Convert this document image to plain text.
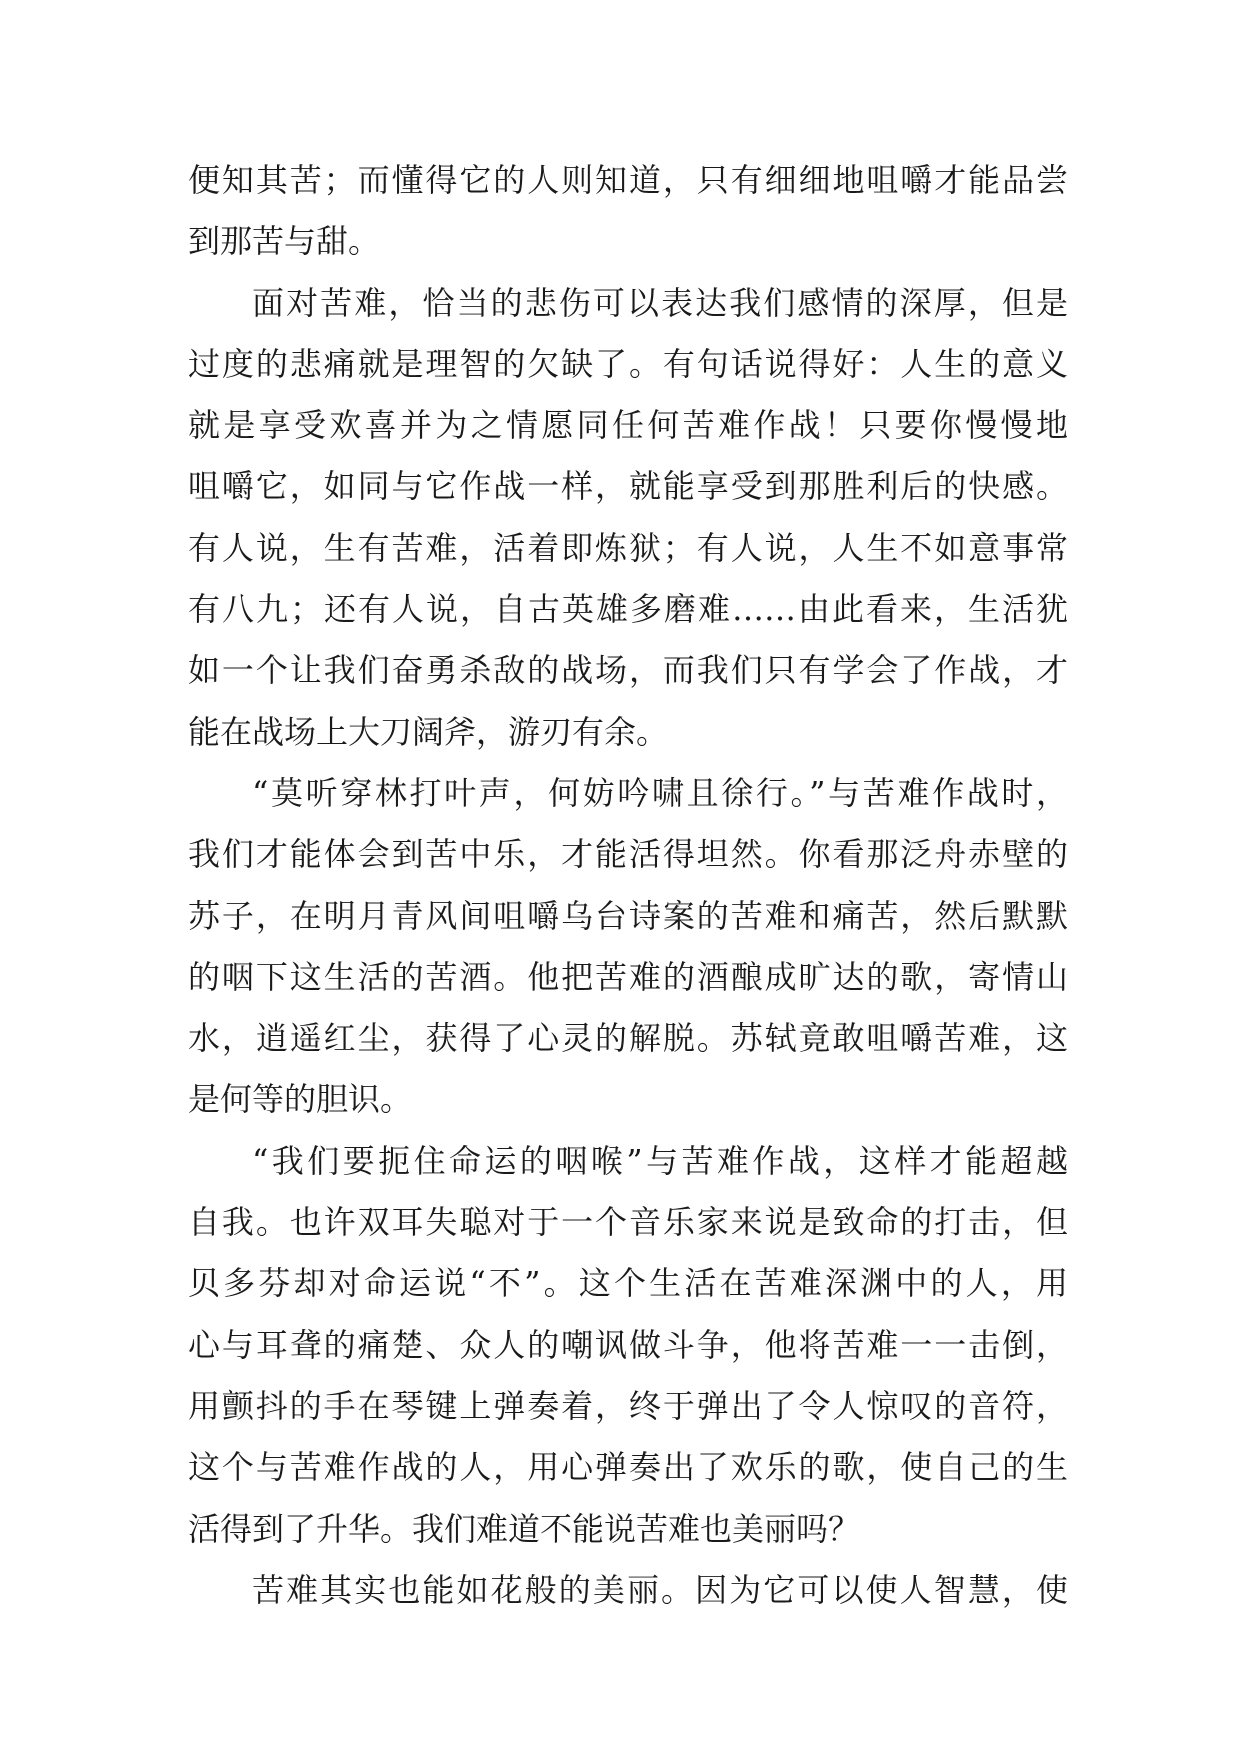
便知其苦；而懂得它的人则知道，只有细细地咀嚼才能品尝
到那苦与甜。
面对苦难，恰当的悲伤可以表达我们感情的深厚，但是
过度的悲痛就是理智的欠缺了。有句话说得好：人生的意义
就是享受欢喜并为之情愿同任何苦难作战！只要你慢慢地
咀嚼它，如同与它作战一样，就能享受到那胜利后的快感。
有人说，生有苦难，活着即炼狱；有人说，人生不如意事常
有八九；还有人说，自古英雄多磨难……由此看来，生活犹
如一个让我们奋勇杀敌的战场，而我们只有学会了作战，才
能在战场上大刀阔斧，游刃有余。
“莫听穿林打叶声，何妨吟啸且徐行。”与苦难作战时，
我们才能体会到苦中乐，才能活得坦然。你看那泛舟赤壁的
苏子，在明月青风间咀嚼乌台诗案的苦难和痛苦，然后默默
的咽下这生活的苦酒。他把苦难的酒酿成旷达的歌，寄情山
水，逍遥红尘，获得了心灵的解脱。苏轼竟敢咀嚼苦难，这
是何等的胆识。
“我们要扼住命运的咽喉”与苦难作战，这样才能超越
自我。也许双耳失聪对于一个音乐家来说是致命的打击，但
贝多芬却对命运说“不”。这个生活在苦难深渊中的人，用
心与耳聋的痛楚、众人的嘲讽做斗争，他将苦难一一击倒，
用颤抖的手在琴键上弹奏着，终于弹出了令人惊叹的音符，
这个与苦难作战的人，用心弹奏出了欢乐的歌，使自己的生
活得到了升华。我们难道不能说苦难也美丽吗？
苦难其实也能如花般的美丽。因为它可以使人智慧，使
